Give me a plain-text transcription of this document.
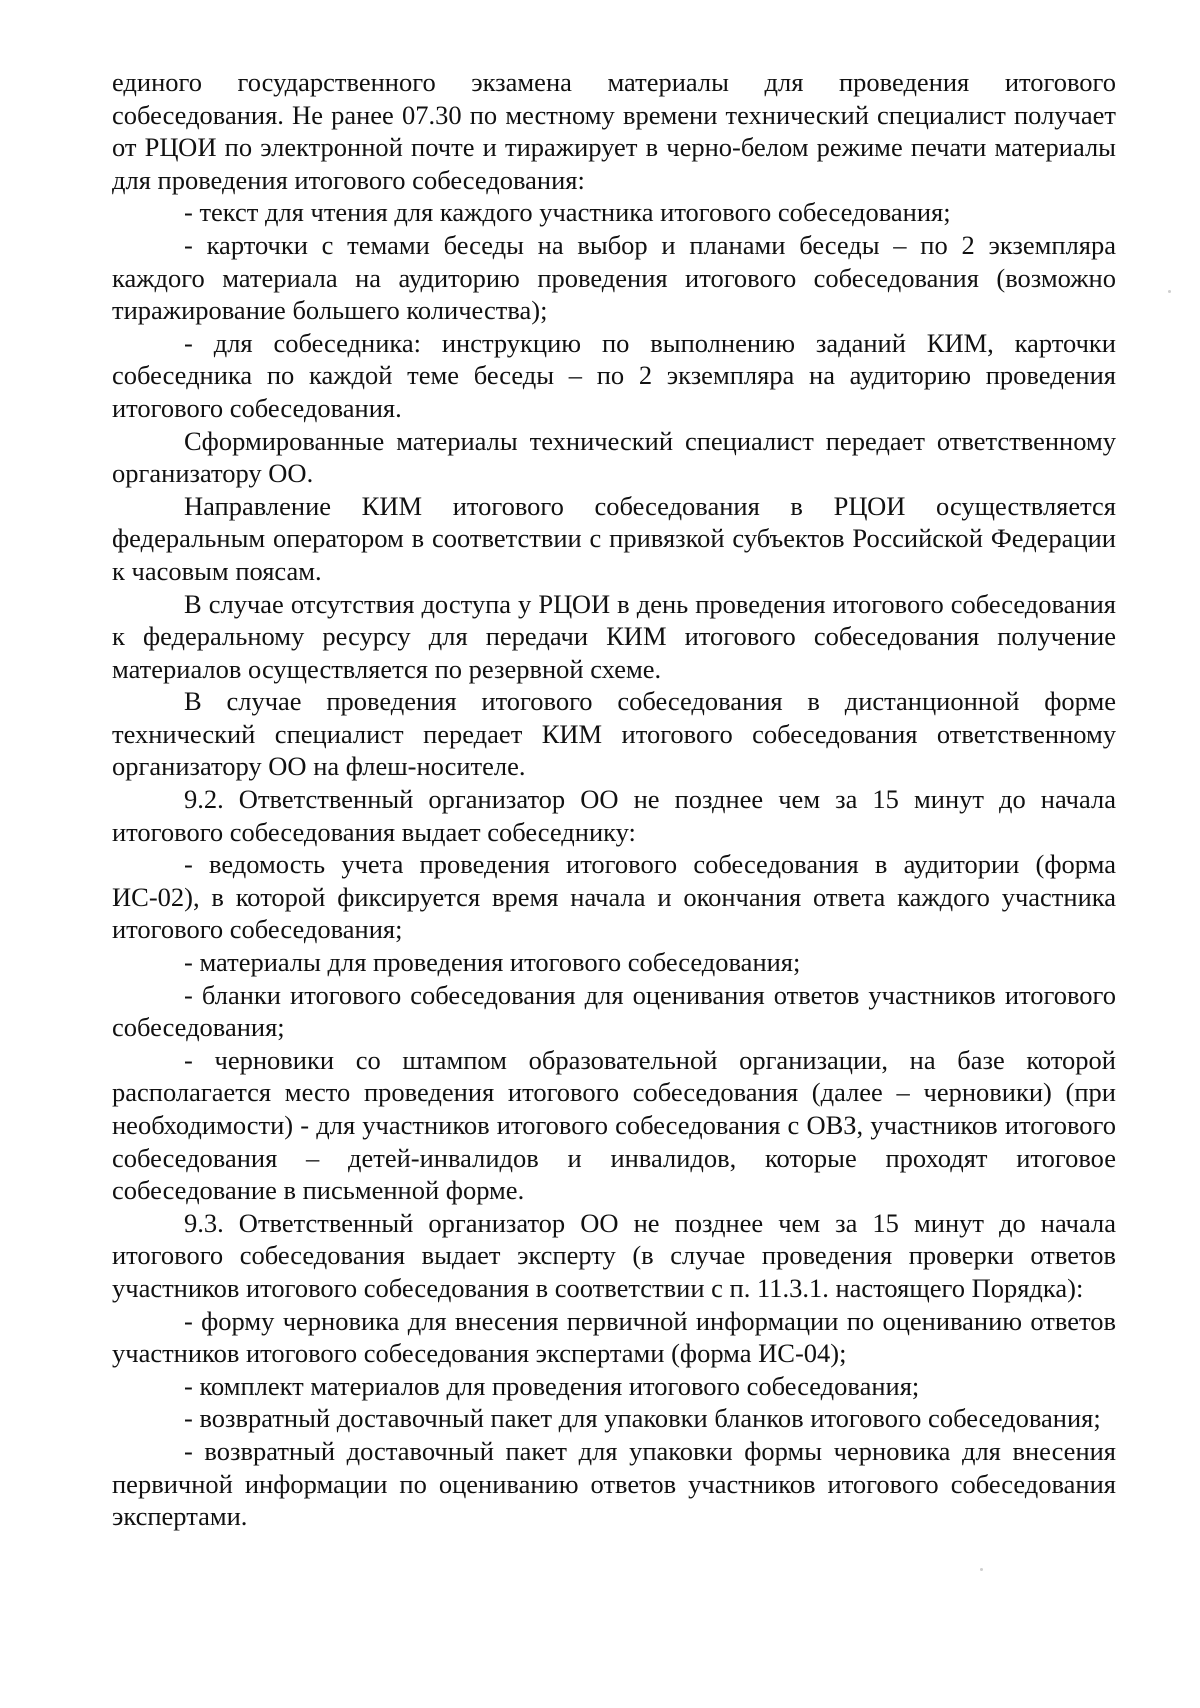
единого государственного экзамена материалы для проведения итогового собеседования. Не ранее 07.30 по местному времени технический специалист получает от РЦОИ по электронной почте и тиражирует в черно-белом режиме печати материалы для проведения итогового собеседования:

- текст для чтения для каждого участника итогового собеседования;

- карточки с темами беседы на выбор и планами беседы – по 2 экземпляра каждого материала на аудиторию проведения итогового собеседования (возможно тиражирование большего количества);

- для собеседника: инструкцию по выполнению заданий КИМ, карточки собеседника по каждой теме беседы – по 2 экземпляра на аудиторию проведения итогового собеседования.

Сформированные материалы технический специалист передает ответственному организатору ОО.

Направление КИМ итогового собеседования в РЦОИ осуществляется федеральным оператором в соответствии с привязкой субъектов Российской Федерации к часовым поясам.

В случае отсутствия доступа у РЦОИ в день проведения итогового собеседования к федеральному ресурсу для передачи КИМ итогового собеседования получение материалов осуществляется по резервной схеме.

В случае проведения итогового собеседования в дистанционной форме технический специалист передает КИМ итогового собеседования ответственному организатору ОО на флеш-носителе.

9.2. Ответственный организатор ОО не позднее чем за 15 минут до начала итогового собеседования выдает собеседнику:

- ведомость учета проведения итогового собеседования в аудитории (форма ИС-02), в которой фиксируется время начала и окончания ответа каждого участника итогового собеседования;

- материалы для проведения итогового собеседования;

- бланки итогового собеседования для оценивания ответов участников итогового собеседования;

- черновики со штампом образовательной организации, на базе которой располагается место проведения итогового собеседования (далее – черновики) (при необходимости) - для участников итогового собеседования с ОВЗ, участников итогового собеседования – детей-инвалидов и инвалидов, которые проходят итоговое собеседование в письменной форме.

9.3. Ответственный организатор ОО не позднее чем за 15 минут до начала итогового собеседования выдает эксперту (в случае проведения проверки ответов участников итогового собеседования в соответствии с п. 11.3.1. настоящего Порядка):

- форму черновика для внесения первичной информации по оцениванию ответов участников итогового собеседования экспертами (форма ИС-04);

- комплект материалов для проведения итогового собеседования;

- возвратный доставочный пакет для упаковки бланков итогового собеседования;

- возвратный доставочный пакет для упаковки формы черновика для внесения первичной информации по оцениванию ответов участников итогового собеседования экспертами.
